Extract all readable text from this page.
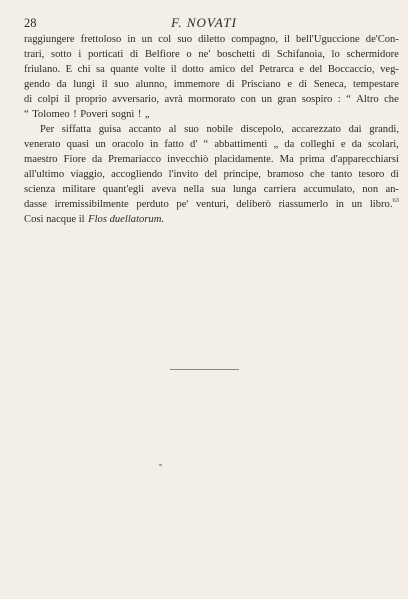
28	F. NOVATI
raggiungere frettoloso in un col suo diletto compagno, il bell'Uguccione de'Con-
trari, sotto i porticati di Belfiore o ne' boschetti di Schifanoia, lo schermidore
friulano. E chi sa quante volte il dotto amico del Petrarca e del Boccaccio, veg-
gendo da lungi il suo alunno, immemore di Prisciano e di Seneca, tempestare
di colpi il proprio avversario, avrà mormorato con un gran sospiro : “ Altro che
“ Tolomeo ! Poveri sogni ! „
Per siffatta guisa accanto al suo nobile discepolo, accarezzato dai grandi,
venerato quasi un oracolo in fatto d' “ abbattimenti „ da colleghi e da scolari,
maestro Fiore da Premariacco invecchiò placidamente. Ma prima d'apparecchiarsi
all'ultimo viaggio, accogliendo l'invito del principe, bramoso che tanto tesoro di
scienza militare quant'egli aveva nella sua lunga carriera accumulato, non an-
dasse irremissibilmente perduto pe' venturi, deliberò riassumerlo in un libro.$^{63}$
Così nacque il Flos duellatorum.
